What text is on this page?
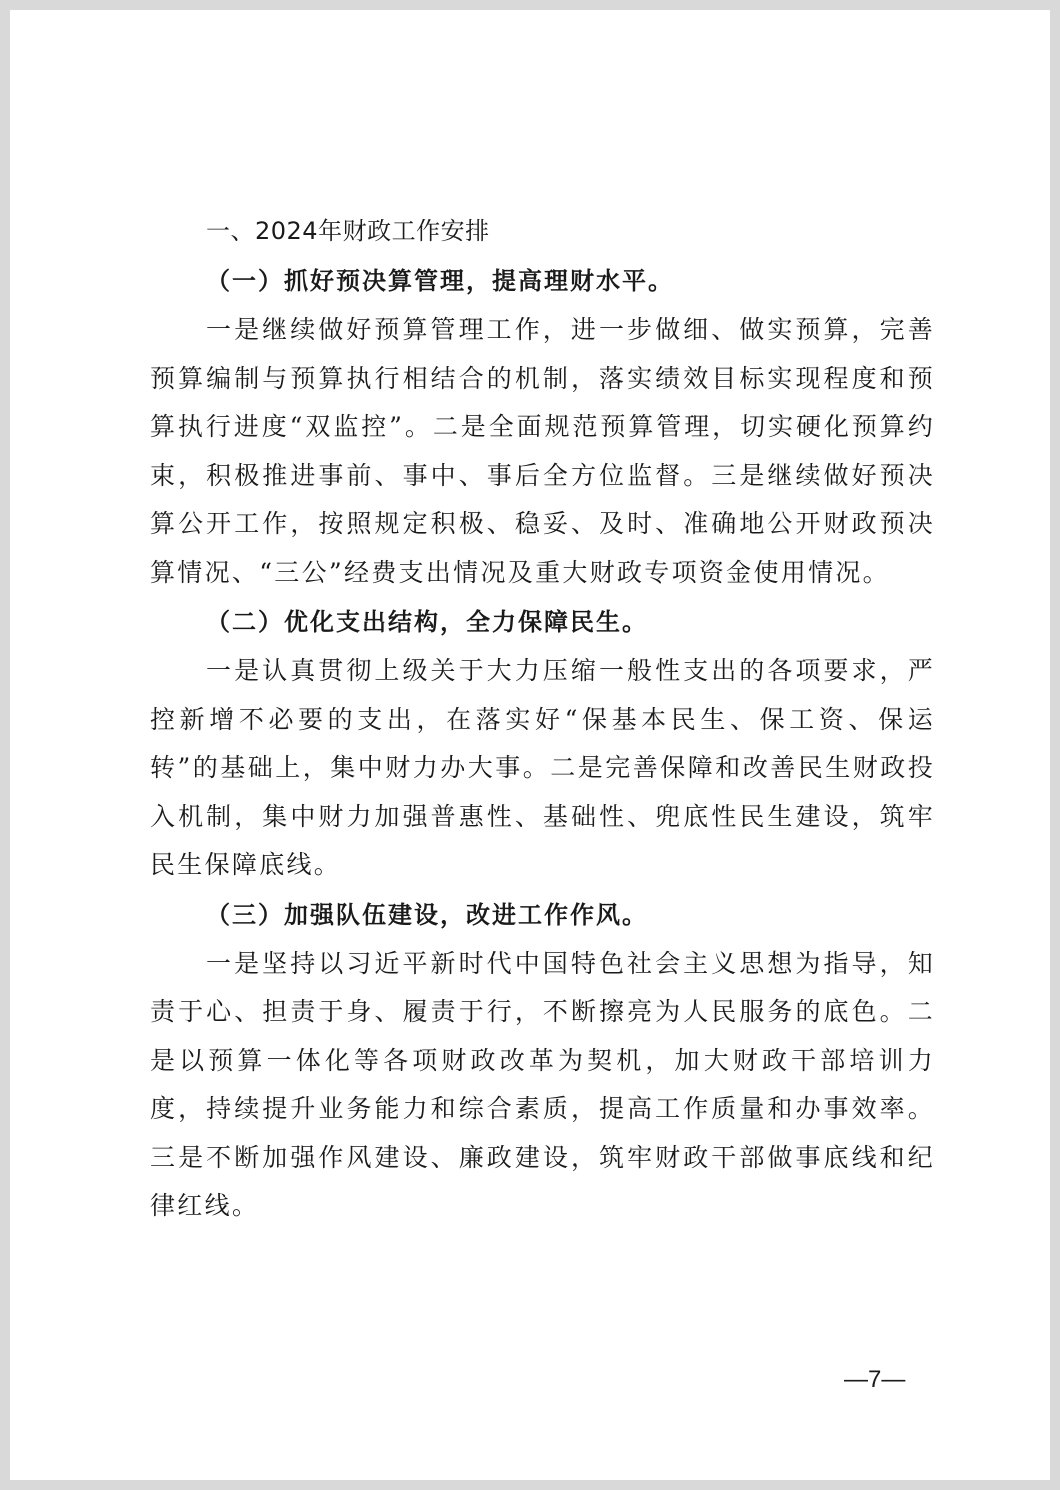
一、2024年财政工作安排
（一）抓好预决算管理，提高理财水平。

一是继续做好预算管理工作，进一步做细、做实预算，完善预算编制与预算执行相结合的机制，落实绩效目标实现程度和预算执行进度“双监控”。二是全面规范预算管理，切实硬化预算约束，积极推进事前、事中、事后全方位监督。三是继续做好预决算公开工作，按照规定积极、稳妥、及时、准确地公开财政预决算情况、“三公”经费支出情况及重大财政专项资金使用情况。

（二）优化支出结构，全力保障民生。

一是认真贯彻上级关于大力压缩一般性支出的各项要求，严控新增不必要的支出，在落实好“保基本民生、保工资、保运转”的基础上，集中财力办大事。二是完善保障和改善民生财政投入机制，集中财力加强普惠性、基础性、兜底性民生建设，筑牢民生保障底线。

（三）加强队伍建设，改进工作作风。

一是坚持以习近平新时代中国特色社会主义思想为指导，知责于心、担责于身、履责于行，不断擦亮为人民服务的底色。二是以预算一体化等各项财政改革为契机，加大财政干部培训力度，持续提升业务能力和综合素质，提高工作质量和办事效率。三是不断加强作风建设、廉政建设，筑牢财政干部做事底线和纪律红线。

—7—
